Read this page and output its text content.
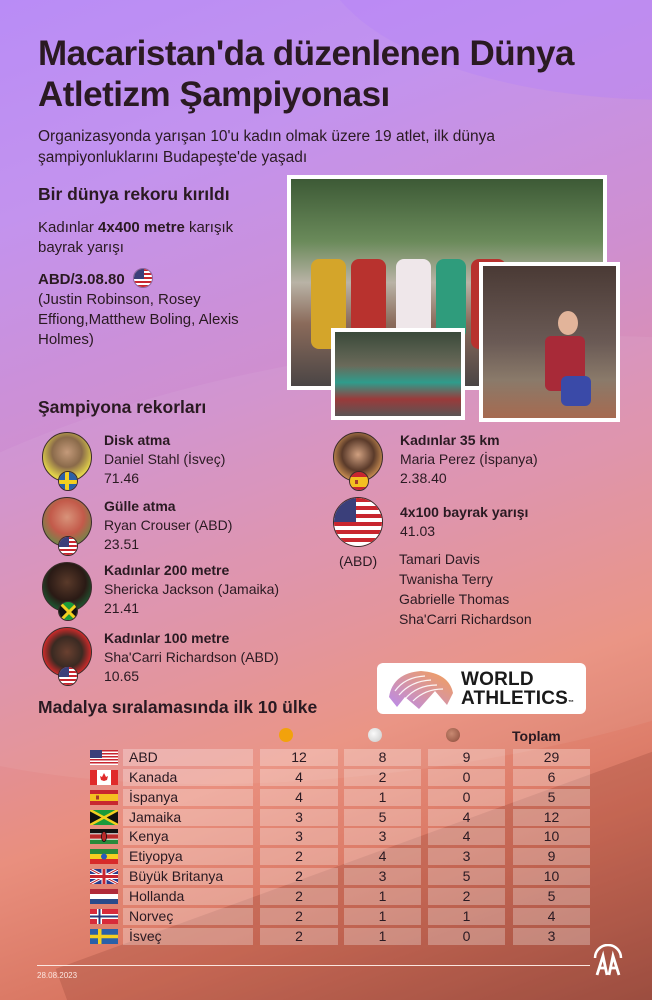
Macaristan'da düzenlenen Dünya Atletizm Şampiyonası

Organizasyonda yarışan 10'u kadın olmak üzere 19 atlet, ilk dünya şampiyonluklarını Budapeşte'de yaşadı

Bir dünya rekoru kırıldı
Kadınlar 4x400 metre karışık bayrak yarışı
ABD/3.08.80
(Justin Robinson, Rosey Effiong,Matthew Boling, Alexis Holmes)
Şampiyona rekorları
Disk atma
Daniel Stahl (İsveç)
71.46
Gülle atma
Ryan Crouser (ABD)
23.51
Kadınlar 200 metre
Shericka Jackson (Jamaika)
21.41
Kadınlar 100 metre
Sha'Carri Richardson (ABD)
10.65
Kadınlar 35 km
Maria Perez (İspanya)
2.38.40
4x100 bayrak yarışı
41.03
(ABD) Tamari Davis
Twanisha Terry
Gabrielle Thomas
Sha'Carri Richardson
WORLD
ATHLETICS™
Madalya sıralamasında ilk 10 ülke
Toplam
ABD	12	8	9	29
Kanada	4	2	0	6
İspanya	4	1	0	5
Jamaika	3	5	4	12
Kenya	3	3	4	10
Etiyopya	2	4	3	9
Büyük Britanya	2	3	5	10
Hollanda	2	1	2	5
Norveç	2	1	1	4
İsveç	2	1	0	3
28.08.2023
